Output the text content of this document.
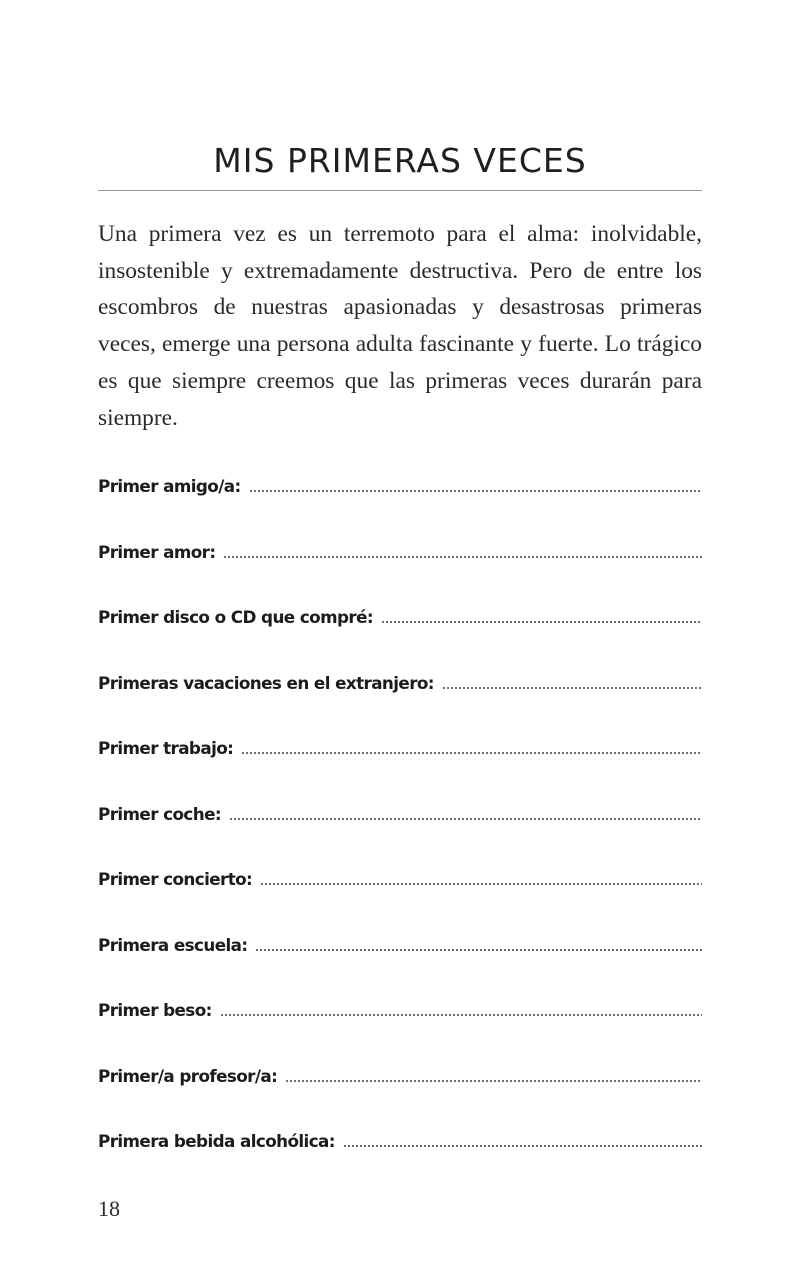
MIS PRIMERAS VECES

Una primera vez es un terremoto para el alma: inolvidable, insostenible y extremadamente destructiva. Pero de entre los escombros de nuestras apasionadas y desastrosas primeras veces, emerge una persona adulta fascinante y fuerte. Lo trágico es que siempre creemos que las primeras veces durarán para siempre.

Primer amigo/a:
Primer amor:
Primer disco o CD que compré:
Primeras vacaciones en el extranjero:
Primer trabajo:
Primer coche:
Primer concierto:
Primera escuela:
Primer beso:
Primer/a profesor/a:
Primera bebida alcohólica:

18
